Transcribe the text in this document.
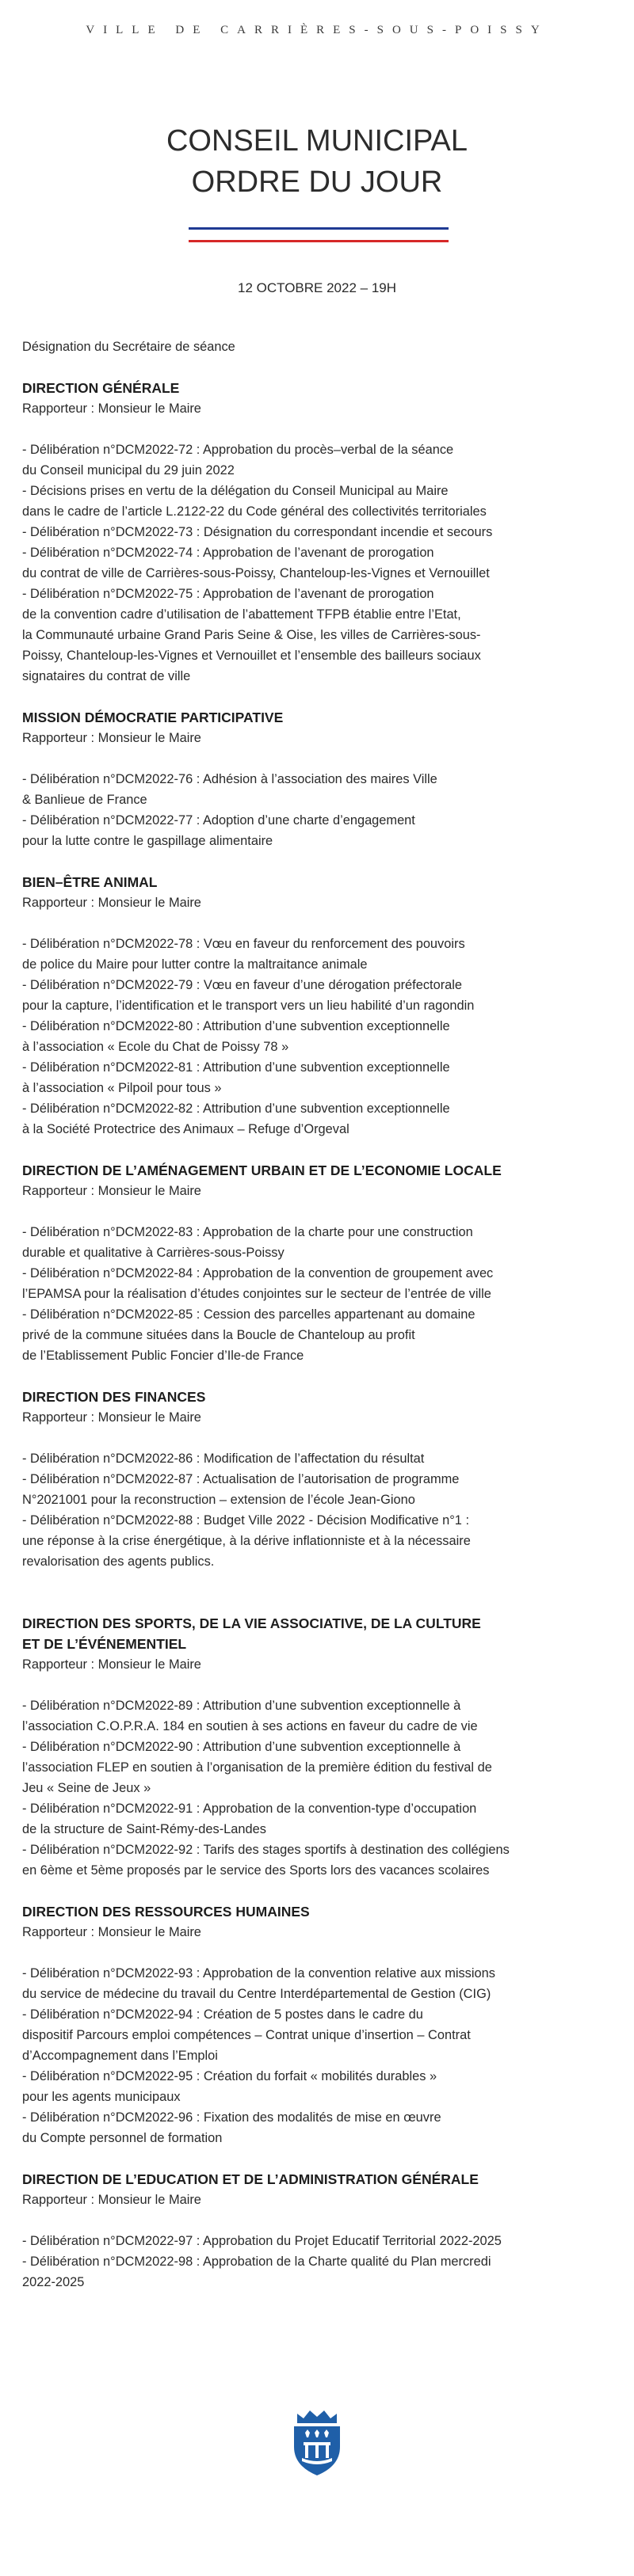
VILLE DE CARRIÈRES-SOUS-POISSY
CONSEIL MUNICIPAL
ORDRE DU JOUR
12 OCTOBRE 2022 – 19H

Désignation du Secrétaire de séance

DIRECTION GÉNÉRALE

Rapporteur : Monsieur le Maire

- Délibération n°DCM2022-72 : Approbation du procès–verbal de la séance
du Conseil municipal du 29 juin 2022
- Décisions prises en vertu de la délégation du Conseil Municipal au Maire
dans le cadre de l’article L.2122-22 du Code général des collectivités territoriales
- Délibération n°DCM2022-73 : Désignation du correspondant incendie et secours
- Délibération n°DCM2022-74 : Approbation de l’avenant de prorogation
du contrat de ville de Carrières-sous-Poissy, Chanteloup-les-Vignes et Vernouillet
- Délibération n°DCM2022-75 : Approbation de l’avenant de prorogation
de la convention cadre d’utilisation de l’abattement TFPB établie entre l’Etat,
la Communauté urbaine Grand Paris Seine & Oise, les villes de Carrières-sous-
Poissy, Chanteloup-les-Vignes et Vernouillet et l’ensemble des bailleurs sociaux
signataires du contrat de ville
MISSION DÉMOCRATIE PARTICIPATIVE

Rapporteur : Monsieur le Maire

- Délibération n°DCM2022-76 : Adhésion à l’association des maires Ville
& Banlieue de France
- Délibération n°DCM2022-77 : Adoption d’une charte d’engagement
pour la lutte contre le gaspillage alimentaire
BIEN–ÊTRE ANIMAL

Rapporteur : Monsieur le Maire

- Délibération n°DCM2022-78 : Vœu en faveur du renforcement des pouvoirs
de police du Maire pour lutter contre la maltraitance animale
- Délibération n°DCM2022-79 : Vœu en faveur d’une dérogation préfectorale
pour la capture, l’identification et le transport vers un lieu habilité d’un ragondin
- Délibération n°DCM2022-80 : Attribution d’une subvention exceptionnelle
à l’association « Ecole du Chat de Poissy 78 »
- Délibération n°DCM2022-81 : Attribution d’une subvention exceptionnelle
à l’association « Pilpoil pour tous »
- Délibération n°DCM2022-82 : Attribution d’une subvention exceptionnelle
à la Société Protectrice des Animaux – Refuge d’Orgeval
DIRECTION DE L’AMÉNAGEMENT URBAIN ET DE L’ECONOMIE LOCALE

Rapporteur : Monsieur le Maire

- Délibération n°DCM2022-83 : Approbation de la charte pour une construction
durable et qualitative à Carrières-sous-Poissy
- Délibération n°DCM2022-84 : Approbation de la convention de groupement avec
l’EPAMSA pour la réalisation d’études conjointes sur le secteur de l’entrée de ville
- Délibération n°DCM2022-85 : Cession des parcelles appartenant au domaine
privé de la commune situées dans la Boucle de Chanteloup au profit
de l’Etablissement Public Foncier d’Ile-de France
DIRECTION DES FINANCES

Rapporteur : Monsieur le Maire

- Délibération n°DCM2022-86 : Modification de l’affectation du résultat
- Délibération n°DCM2022-87 : Actualisation de l’autorisation de programme
N°2021001 pour la reconstruction – extension de l’école Jean-Giono
- Délibération n°DCM2022-88 : Budget Ville 2022 - Décision Modificative n°1 :
une réponse à la crise énergétique, à la dérive inflationniste et à la nécessaire
revalorisation des agents publics.
DIRECTION DES SPORTS, DE LA VIE ASSOCIATIVE, DE LA CULTURE
ET DE L’ÉVÉNEMENTIEL

Rapporteur : Monsieur le Maire

- Délibération n°DCM2022-89 : Attribution d’une subvention exceptionnelle à
l’association C.O.P.R.A. 184 en soutien à ses actions en faveur du cadre de vie
- Délibération n°DCM2022-90 : Attribution d’une subvention exceptionnelle à
l’association FLEP en soutien à l’organisation de la première édition du festival de
Jeu « Seine de Jeux »
- Délibération n°DCM2022-91 : Approbation de la convention-type d’occupation
de la structure de Saint-Rémy-des-Landes
- Délibération n°DCM2022-92 : Tarifs des stages sportifs à destination des collégiens
en 6ème et 5ème proposés par le service des Sports lors des vacances scolaires
DIRECTION DES RESSOURCES HUMAINES

Rapporteur : Monsieur le Maire

- Délibération n°DCM2022-93 : Approbation de la convention relative aux missions
du service de médecine du travail du Centre Interdépartemental de Gestion (CIG)
- Délibération n°DCM2022-94 : Création de 5 postes dans le cadre du
dispositif Parcours emploi compétences – Contrat unique d’insertion – Contrat
d’Accompagnement dans l’Emploi
- Délibération n°DCM2022-95 : Création du forfait « mobilités durables »
pour les agents municipaux
- Délibération n°DCM2022-96 : Fixation des modalités de mise en œuvre
du Compte personnel de formation
DIRECTION DE L’EDUCATION ET DE L’ADMINISTRATION GÉNÉRALE

Rapporteur : Monsieur le Maire

- Délibération n°DCM2022-97 : Approbation du Projet Educatif Territorial 2022-2025
- Délibération n°DCM2022-98 : Approbation de la Charte qualité du Plan mercredi
2022-2025
